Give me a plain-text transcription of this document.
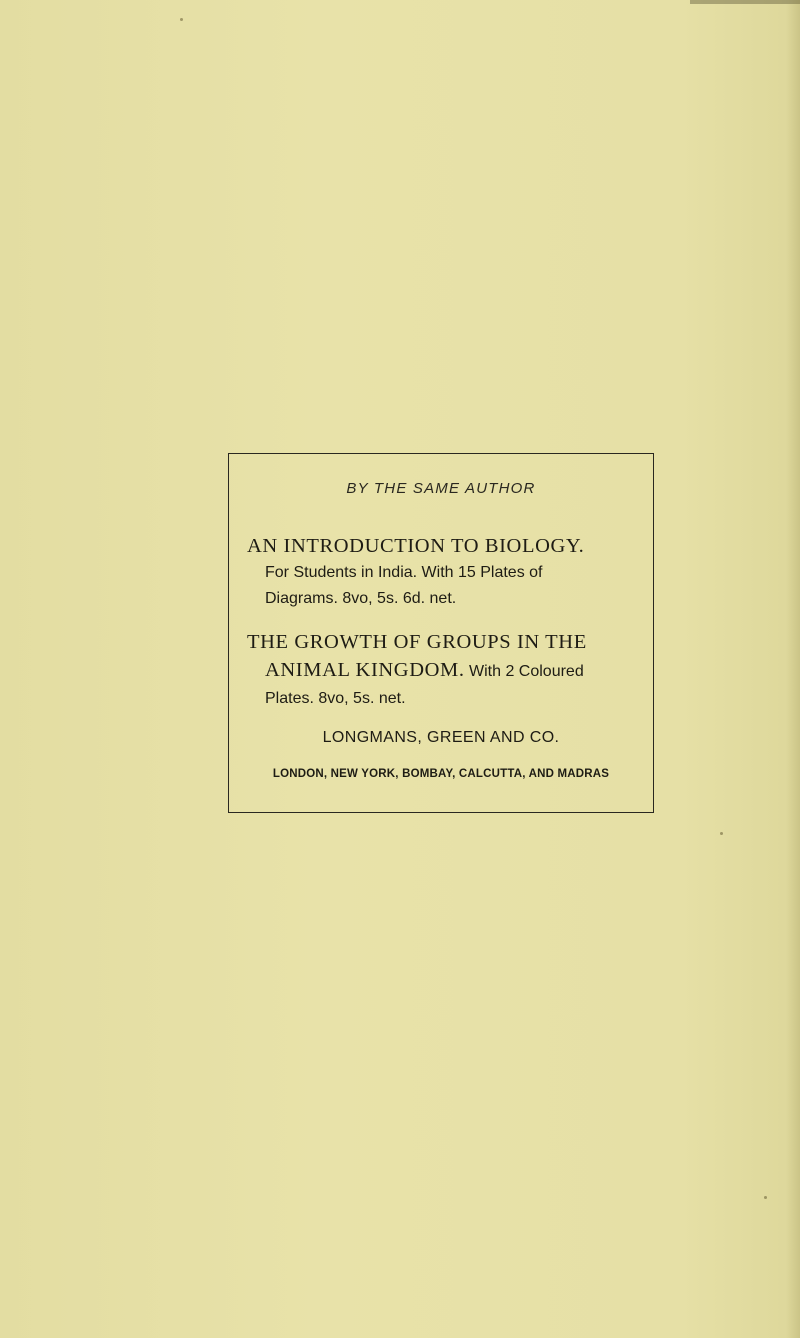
BY THE SAME AUTHOR
AN INTRODUCTION TO BIOLOGY.
For Students in India. With 15 Plates of
Diagrams. 8vo, 5s. 6d. net.
THE GROWTH OF GROUPS IN THE
ANIMAL KINGDOM. With 2 Coloured
Plates. 8vo, 5s. net.
LONGMANS, GREEN AND CO.
LONDON, NEW YORK, BOMBAY, CALCUTTA, AND MADRAS
